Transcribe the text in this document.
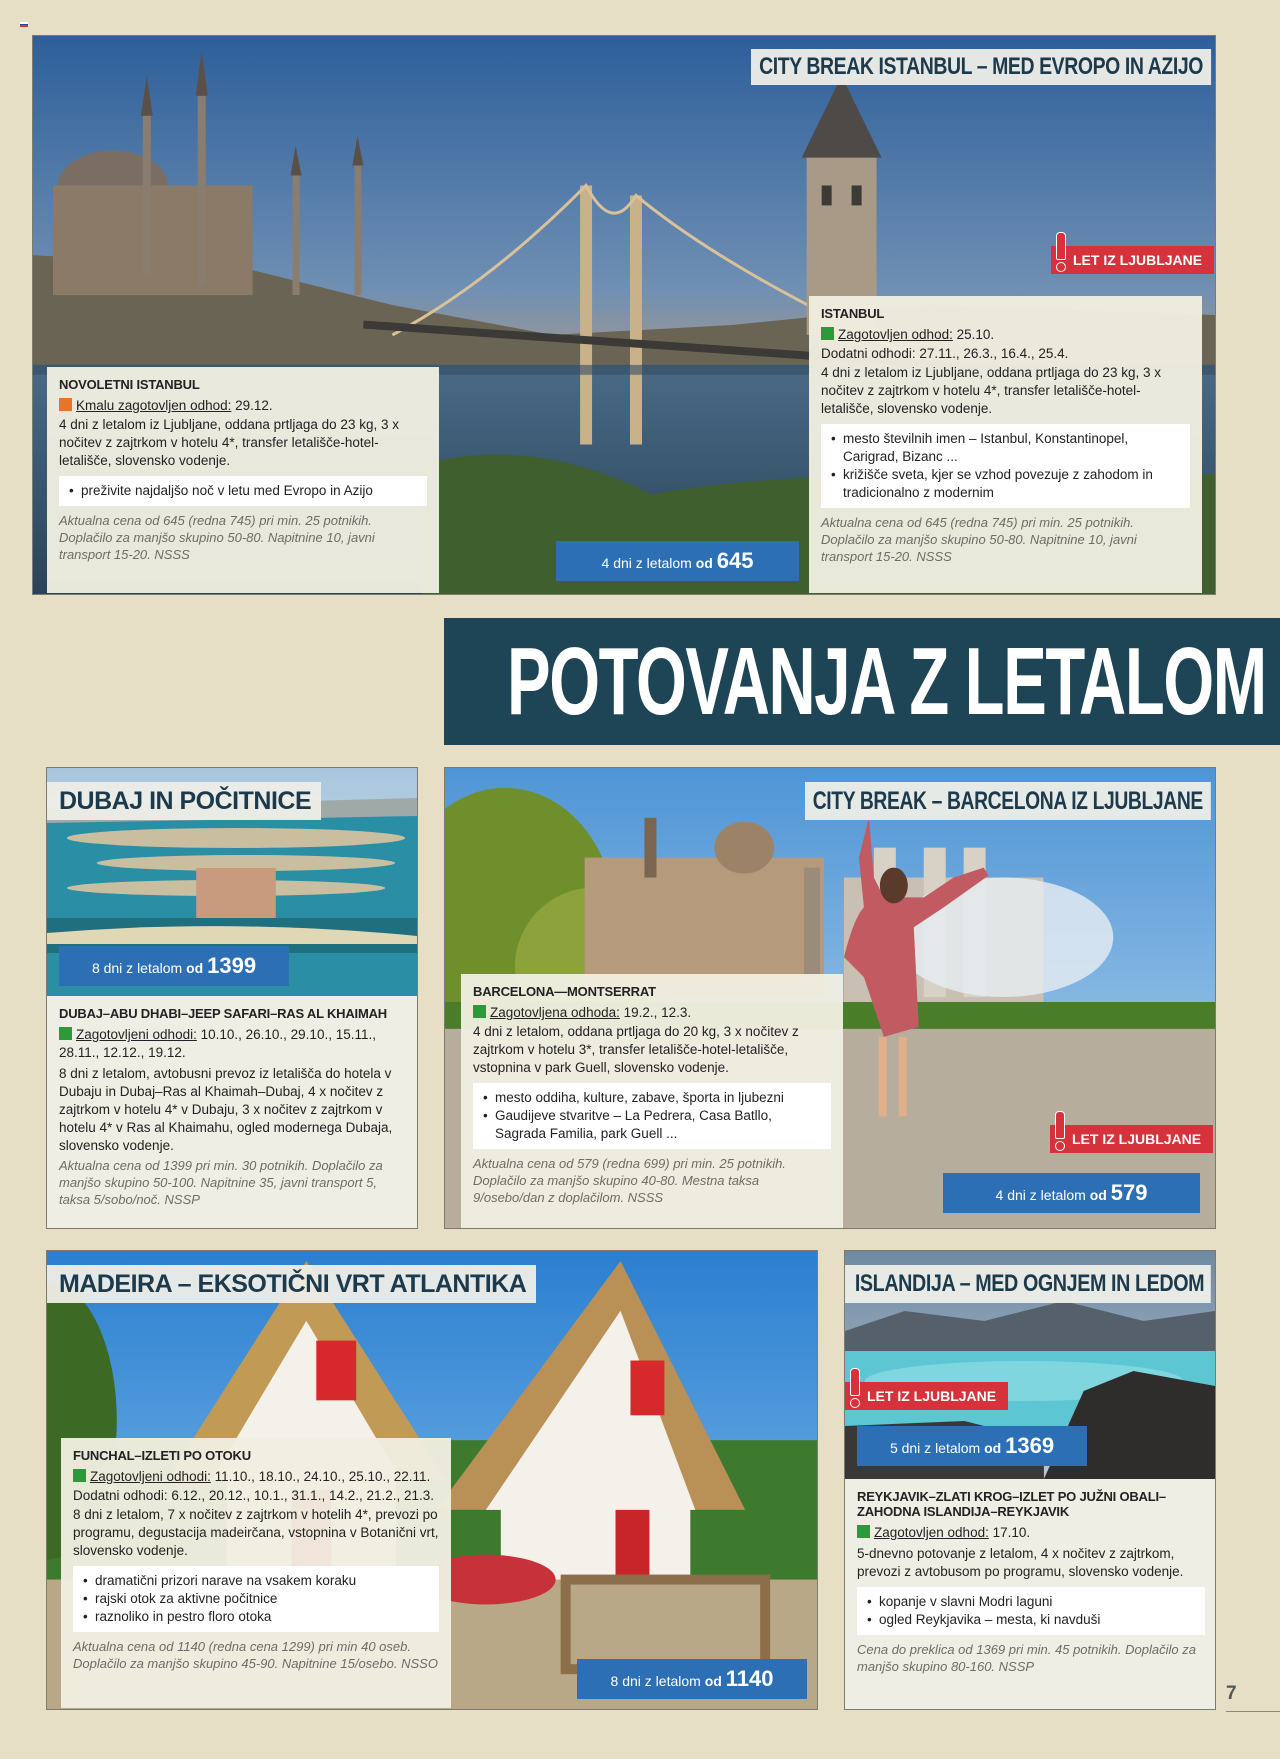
CITY BREAK ISTANBUL – MED EVROPO IN AZIJO
LET IZ LJUBLJANE
4 dni z letalom od 645
NOVOLETNI ISTANBUL

Kmalu zagotovljen odhod: 29.12.

4 dni z letalom iz Ljubljane, oddana prtljaga do 23 kg, 3 x nočitev z zajtrkom v hotelu 4*, transfer letališče-hotel-letališče, slovensko vodenje.

• preživite najdaljšo noč v letu med Evropo in Azijo

Aktualna cena od 645 (redna 745) pri min. 25 potnikih. Doplačilo za manjšo skupino 50-80. Napitnine 10, javni transport 15-20. NSSS

ISTANBUL

Zagotovljen odhod: 25.10.

Dodatni odhodi: 27.11., 26.3., 16.4., 25.4.

4 dni z letalom iz Ljubljane, oddana prtljaga do 23 kg, 3 x nočitev z zajtrkom v hotelu 4*, transfer letališče-hotel-letališče, slovensko vodenje.

• mesto številnih imen – Istanbul, Konstantinopel, Carigrad, Bizanc ...
• križišče sveta, kjer se vzhod povezuje z zahodom in tradicionalno z modernim

Aktualna cena od 645 (redna 745) pri min. 25 potnikih. Doplačilo za manjšo skupino 50-80. Napitnine 10, javni transport 15-20. NSSS

POTOVANJA Z LETALOM
DUBAJ IN POČITNICE
8 dni z letalom od 1399
DUBAJ–ABU DHABI–JEEP SAFARI–RAS AL KHAIMAH

Zagotovljeni odhodi: 10.10., 26.10., 29.10., 15.11., 28.11., 12.12., 19.12.

8 dni z letalom, avtobusni prevoz iz letališča do hotela v Dubaju in Dubaj–Ras al Khaimah–Dubaj, 4 x nočitev z zajtrkom v hotelu 4* v Dubaju, 3 x nočitev z zajtrkom v hotelu 4* v Ras al Khaimahu, ogled modernega Dubaja, slovensko vodenje.

Aktualna cena od 1399 pri min. 30 potnikih. Doplačilo za manjšo skupino 50-100. Napitnine 35, javni transport 5, taksa 5/sobo/noč. NSSP

CITY BREAK – BARCELONA IZ LJUBLJANE
BARCELONA—MONTSERRAT

Zagotovljena odhoda: 19.2., 12.3.

4 dni z letalom, oddana prtljaga do 20 kg, 3 x nočitev z zajtrkom v hotelu 3*, transfer letališče-hotel-letališče, vstopnina v park Guell, slovensko vodenje.

• mesto oddiha, kulture, zabave, športa in ljubezni
• Gaudijeve stvaritve – La Pedrera, Casa Batllo, Sagrada Familia, park Guell ...

Aktualna cena od 579 (redna 699) pri min. 25 potnikih. Doplačilo za manjšo skupino 40-80. Mestna taksa 9/osebo/dan z doplačilom. NSSS

LET IZ LJUBLJANE
4 dni z letalom od 579
MADEIRA – EKSOTIČNI VRT ATLANTIKA
FUNCHAL–IZLETI PO OTOKU

Zagotovljeni odhodi: 11.10., 18.10., 24.10., 25.10., 22.11.

Dodatni odhodi: 6.12., 20.12., 10.1., 31.1., 14.2., 21.2., 21.3.

8 dni z letalom, 7 x nočitev z zajtrkom v hotelih 4*, prevozi po programu, degustacija madeirčana, vstopnina v Botanični vrt, slovensko vodenje.

• dramatični prizori narave na vsakem koraku
• rajski otok za aktivne počitnice
• raznoliko in pestro floro otoka

Aktualna cena od 1140 (redna cena 1299) pri min 40 oseb. Doplačilo za manjšo skupino 45-90. Napitnine 15/osebo. NSSO

8 dni z letalom od 1140
ISLANDIJA – MED OGNJEM IN LEDOM
LET IZ LJUBLJANE
5 dni z letalom od 1369
REYKJAVIK–ZLATI KROG–IZLET PO JUŽNI OBALI–ZAHODNA ISLANDIJA–REYKJAVIK

Zagotovljen odhod: 17.10.

5-dnevno potovanje z letalom, 4 x nočitev z zajtrkom, prevozi z avtobusom po programu, slovensko vodenje.

• kopanje v slavni Modri laguni
• ogled Reykjavika – mesta, ki navduši

Cena do preklica od 1369 pri min. 45 potnikih. Doplačilo za manjšo skupino 80-160. NSSP

7
